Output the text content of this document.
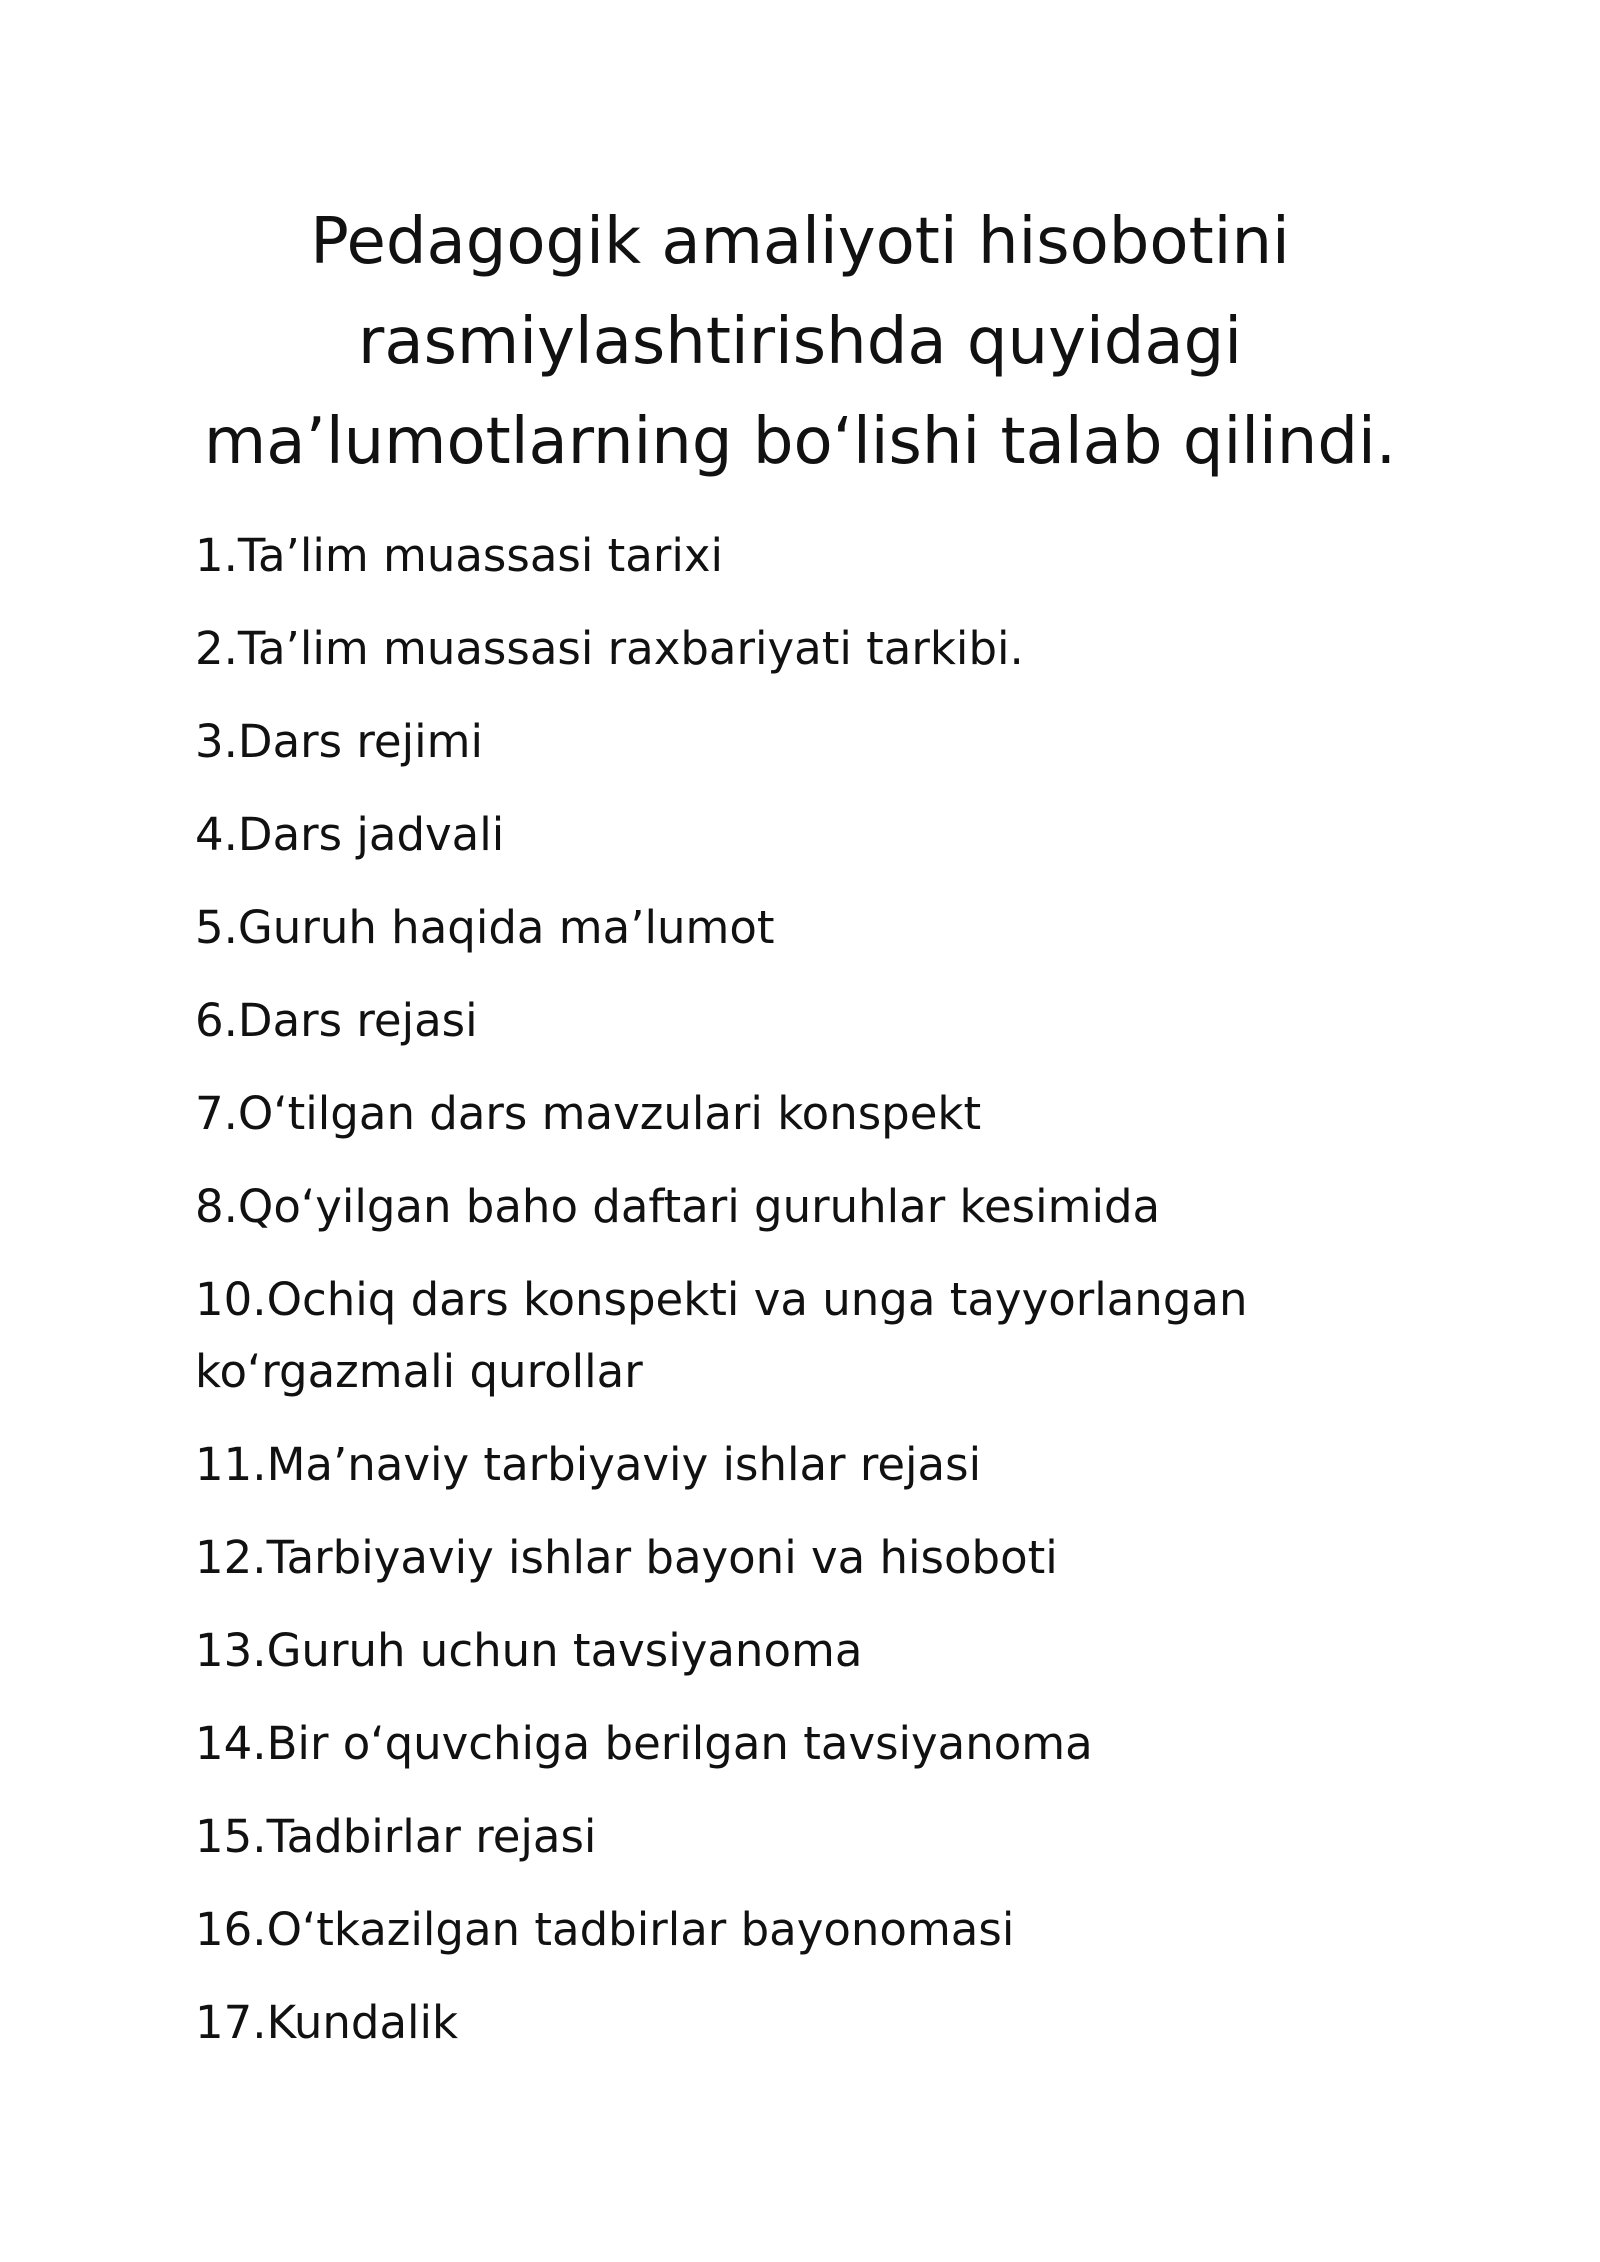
Pedagogik amaliyoti hisobotini
rasmiylashtirishda quyidagi
ma’lumotlarning bo‘lishi talab qilindi.
1.Ta’lim muassasi tarixi
2.Ta’lim muassasi raxbariyati tarkibi.
3.Dars rejimi
4.Dars jadvali
5.Guruh haqida ma’lumot
6.Dars rejasi
7.O‘tilgan dars mavzulari konspekt
8.Qo‘yilgan baho daftari guruhlar kesimida
10.Ochiq dars konspekti va unga tayyorlangan ko‘rgazmali qurollar
11.Ma’naviy tarbiyaviy ishlar rejasi
12.Tarbiyaviy ishlar bayoni va hisoboti
13.Guruh uchun tavsiyanoma
14.Bir o‘quvchiga berilgan tavsiyanoma
15.Tadbirlar rejasi
16.O‘tkazilgan tadbirlar bayonomasi
17.Kundalik
